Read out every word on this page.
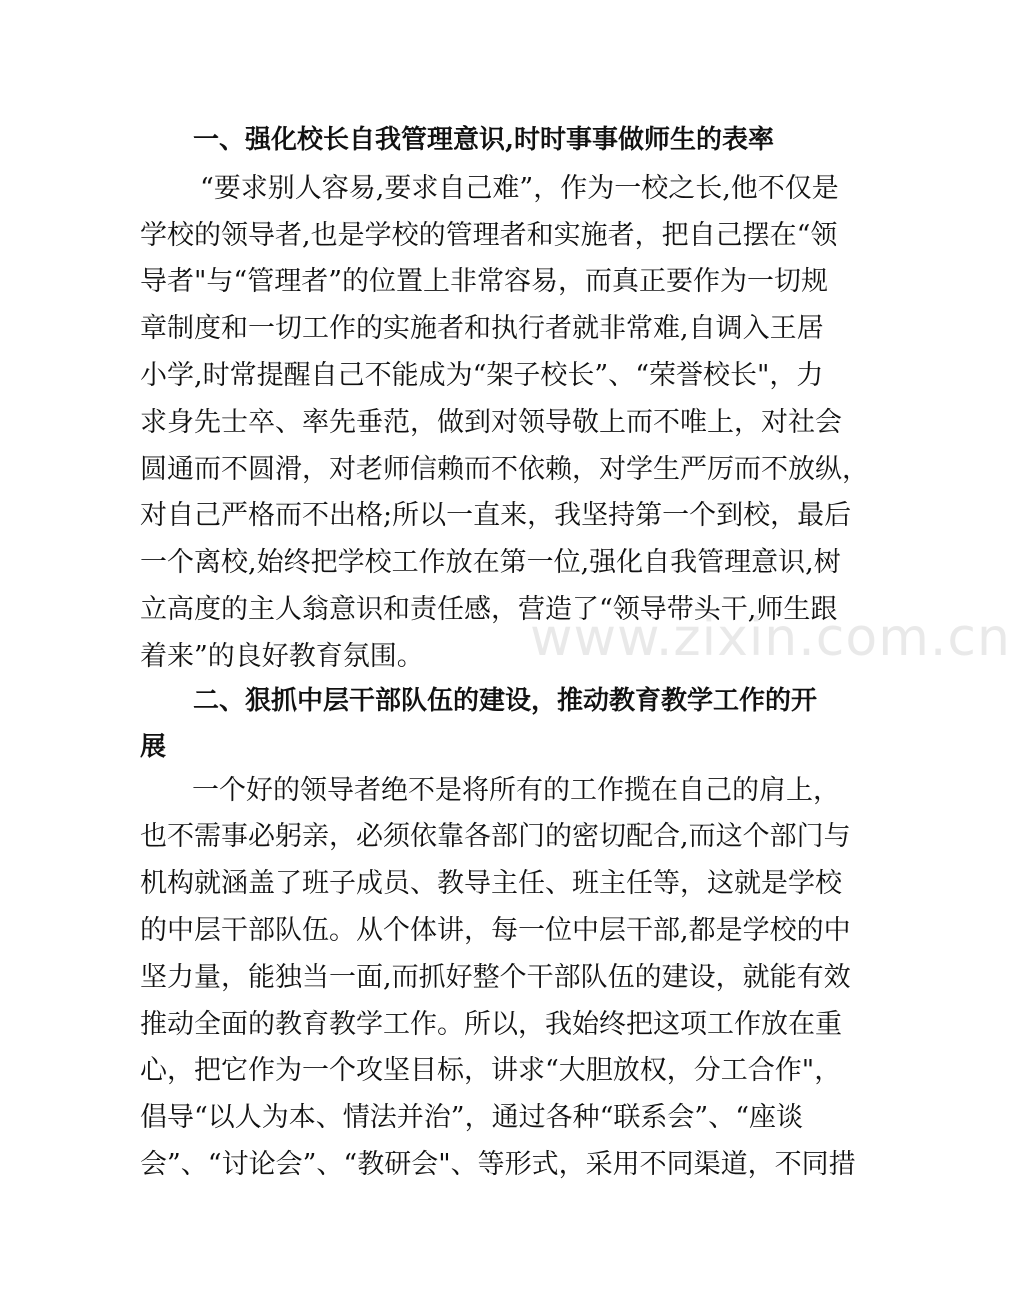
一、强化校长自我管理意识,时时事事做师生的表率
“要求别人容易,要求自己难”，作为一校之长,他不仅是
学校的领导者,也是学校的管理者和实施者，把自己摆在“领
导者"与“管理者”的位置上非常容易，而真正要作为一切规
章制度和一切工作的实施者和执行者就非常难,自调入王居
小学,时常提醒自己不能成为“架子校长”、“荣誉校长"，力
求身先士卒、率先垂范，做到对领导敬上而不唯上，对社会
圆通而不圆滑，对老师信赖而不依赖，对学生严厉而不放纵，
对自己严格而不出格;所以一直来，我坚持第一个到校，最后
一个离校,始终把学校工作放在第一位,强化自我管理意识,树
立高度的主人翁意识和责任感，营造了“领导带头干,师生跟
着来”的良好教育氛围。	www.zixin.com.cn
二、狠抓中层干部队伍的建设，推动教育教学工作的开
展
一个好的领导者绝不是将所有的工作揽在自己的肩上，
也不需事必躬亲，必须依靠各部门的密切配合,而这个部门与
机构就涵盖了班子成员、教导主任、班主任等，这就是学校
的中层干部队伍。从个体讲，每一位中层干部,都是学校的中
坚力量，能独当一面,而抓好整个干部队伍的建设，就能有效
推动全面的教育教学工作。所以，我始终把这项工作放在重
心，把它作为一个攻坚目标，讲求“大胆放权，分工合作"，
倡导“以人为本、情法并治”，通过各种“联系会”、“座谈
会”、“讨论会”、“教研会"、等形式，采用不同渠道，不同措
